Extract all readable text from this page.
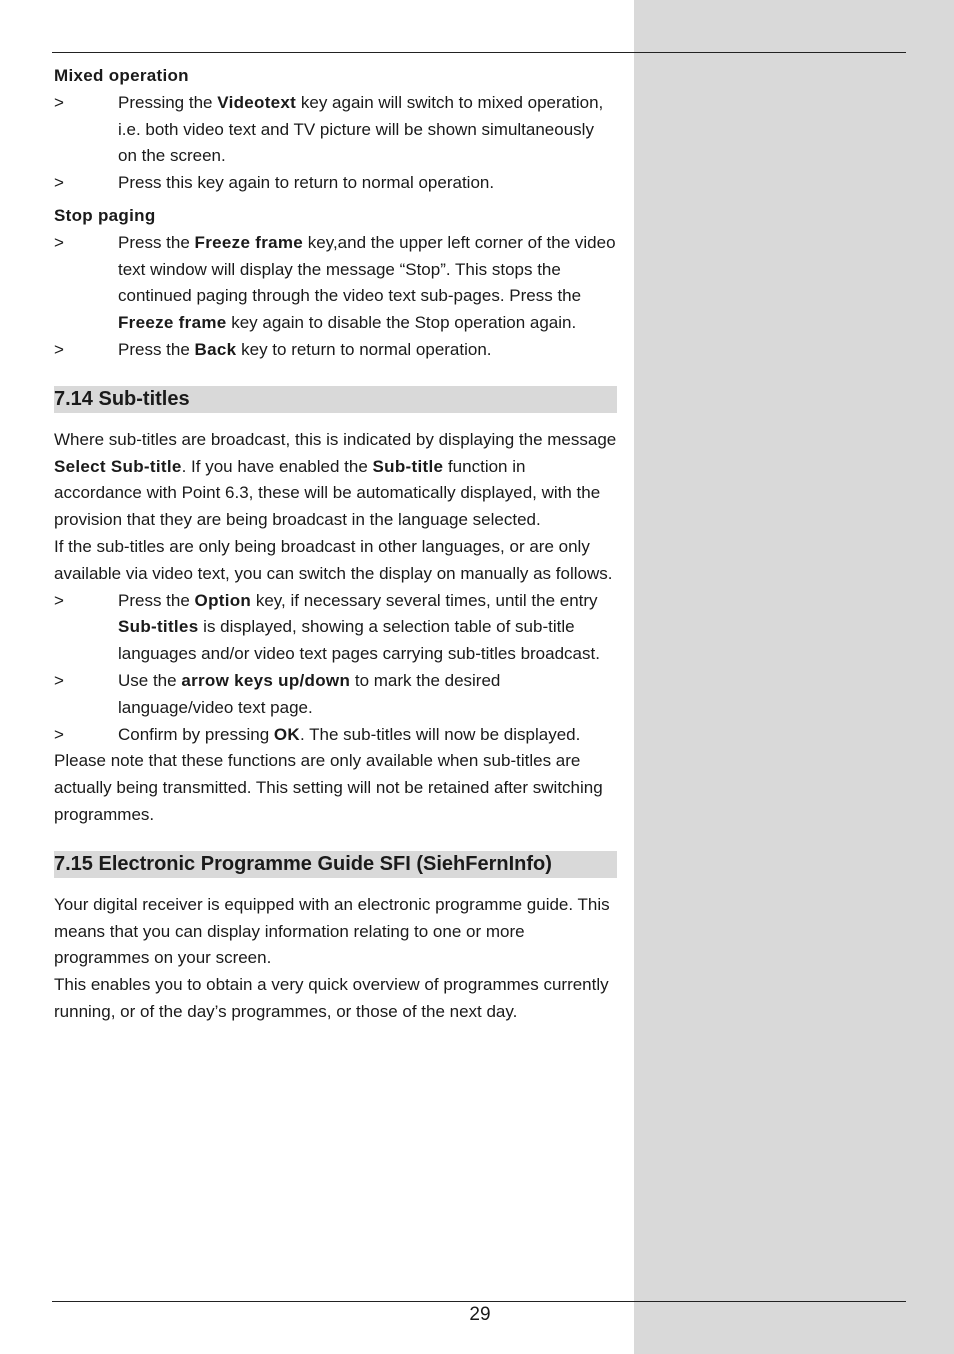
Mixed operation

>	Pressing the Videotext key again will switch to mixed operation, i.e. both video text and TV picture will be shown simultaneously on the screen.
>	Press this key again to return to normal operation.

Stop paging

>	Press the Freeze frame key,and the upper left corner of the video text window will display the message “Stop”. This stops the continued paging through the video text sub-pages. Press the Freeze frame key again to disable the Stop operation again.
>	Press the Back key to return to normal operation.
7.14 Sub-titles

Where sub-titles are broadcast, this is indicated by displaying the message Select Sub-title. If you have enabled the Sub-title function in accordance with Point 6.3, these will be automatically displayed, with the provision that they are being broadcast in the language selected.

If the sub-titles are only being broadcast in other languages, or are only available via video text, you can switch the display on manually as follows.

>	Press the Option key, if necessary several times, until the entry Sub-titles is displayed, showing a selection table of sub-title languages and/or video text pages carrying sub-titles broadcast.
>	Use the arrow keys up/down to mark the desired language/video text page.
>	Confirm by pressing OK. The sub-titles will now be displayed.

Please note that these functions are only available when sub-titles are actually being transmitted. This setting will not be retained after switching programmes.

7.15 Electronic Programme Guide SFI (SiehFernInfo)

Your digital receiver is equipped with an electronic programme guide. This means that you can display information relating to one or more programmes on your screen.

This enables you to obtain a very quick overview of programmes currently running, or of the day’s programmes, or those of the next day.

29
